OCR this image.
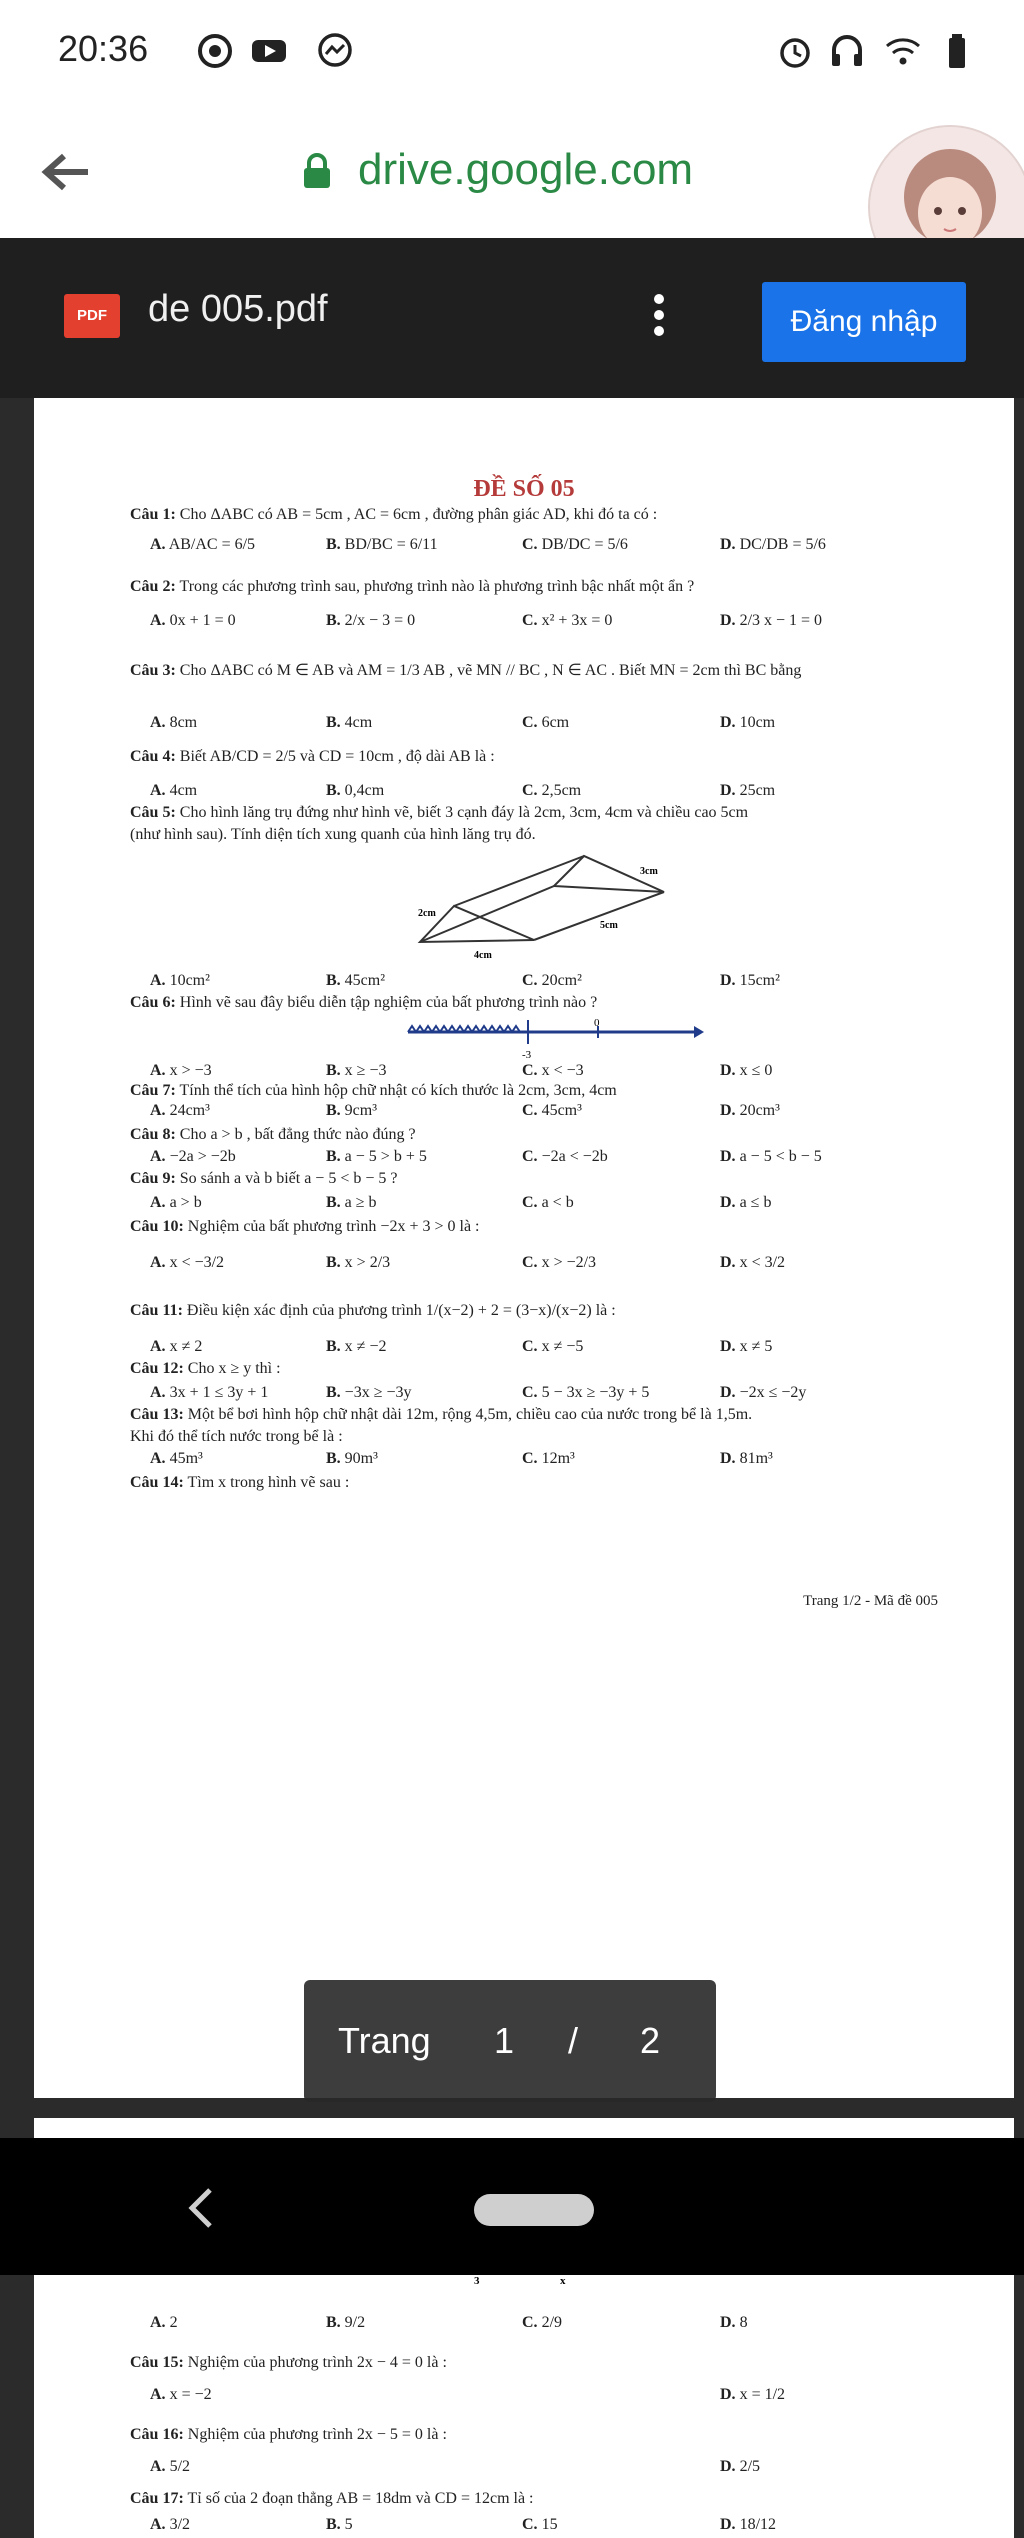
20:36
drive.google.com
PDF	de 005.pdf	Đăng nhập
ĐỀ SỐ 05
Câu 1: Cho ΔABC có AB = 5cm , AC = 6cm , đường phân giác AD, khi đó ta có :
A. AB/AC = 6/5	B. BD/BC = 6/11	C. DB/DC = 5/6	D. DC/DB = 5/6
Câu 2: Trong các phương trình sau, phương trình nào là phương trình bậc nhất một ẩn ?
A. 0x + 1 = 0	B. 2/x − 3 = 0	C. x² + 3x = 0	D. 2/3 x − 1 = 0
Câu 3: Cho ΔABC có M ∈ AB và AM = 1/3 AB , vẽ MN // BC , N ∈ AC . Biết MN = 2cm thì BC bằng
A. 8cm	B. 4cm	C. 6cm	D. 10cm
Câu 4: Biết AB/CD = 2/5 và CD = 10cm , độ dài AB là :
A. 4cm	B. 0,4cm	C. 2,5cm	D. 25cm
Câu 5: Cho hình lăng trụ đứng như hình vẽ, biết 3 cạnh đáy là 2cm, 3cm, 4cm và chiều cao 5cm
(như hình sau). Tính diện tích xung quanh của hình lăng trụ đó.
3cm
2cm
5cm
4cm
A. 10cm²	B. 45cm²	C. 20cm²	D. 15cm²
Câu 6: Hình vẽ sau đây biểu diễn tập nghiệm của bất phương trình nào ?
-3
0
A. x > −3	B. x ≥ −3	C. x < −3	D. x ≤ 0
Câu 7: Tính thể tích của hình hộp chữ nhật có kích thước là 2cm, 3cm, 4cm
A. 24cm³	B. 9cm³	C. 45cm³	D. 20cm³
Câu 8: Cho a > b , bất đẳng thức nào đúng ?
A. −2a > −2b	B. a − 5 > b + 5	C. −2a < −2b	D. a − 5 < b − 5
Câu 9: So sánh a và b biết a − 5 < b − 5 ?
A. a > b	B. a ≥ b	C. a < b	D. a ≤ b
Câu 10: Nghiệm của bất phương trình −2x + 3 > 0 là :
A. x < −3/2	B. x > 2/3	C. x > −2/3	D. x < 3/2
Câu 11: Điều kiện xác định của phương trình 1/(x−2) + 2 = (3−x)/(x−2) là :
A. x ≠ 2	B. x ≠ −2	C. x ≠ −5	D. x ≠ 5
Câu 12: Cho x ≥ y thì :
A. 3x + 1 ≤ 3y + 1	B. −3x ≥ −3y	C. 5 − 3x ≥ −3y + 5	D. −2x ≤ −2y
Câu 13: Một bể bơi hình hộp chữ nhật dài 12m, rộng 4,5m, chiều cao của nước trong bể là 1,5m.
Khi đó thể tích nước trong bể là :
A. 45m³	B. 90m³	C. 12m³	D. 81m³
Câu 14: Tìm x trong hình vẽ sau :
Trang 1/2 - Mã đề 005
3	x
A. 2	B. 9/2	C. 2/9	D. 8
Câu 15: Nghiệm của phương trình 2x − 4 = 0 là :
A. x = −2	D. x = 1/2
Câu 16: Nghiệm của phương trình 2x − 5 = 0 là :
A. 5/2	D. 2/5
Câu 17: Tỉ số của 2 đoạn thẳng AB = 18dm và CD = 12cm là :
A. 3/2	B. 5	C. 15	D. 18/12
Trang 1 / 2
